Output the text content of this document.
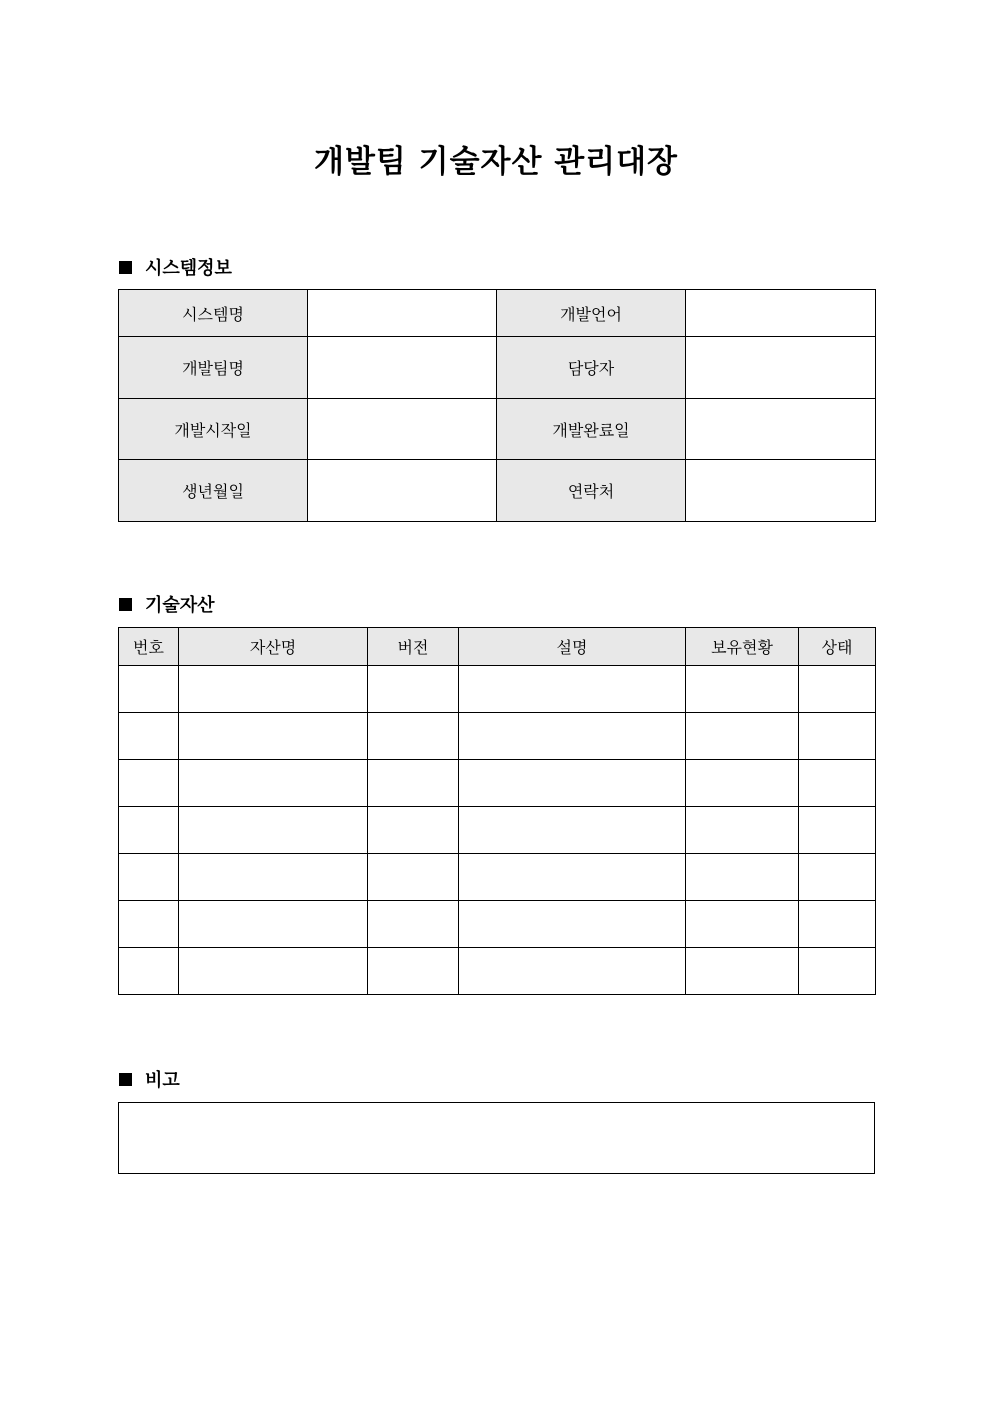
개발팀 기술자산 관리대장
시스템정보
시스템명		개발언어	
개발팀명		담당자	
개발시작일		개발완료일	
생년월일		연락처	
기술자산
번호	자산명	버전	설명	보유현황	상태

비고
